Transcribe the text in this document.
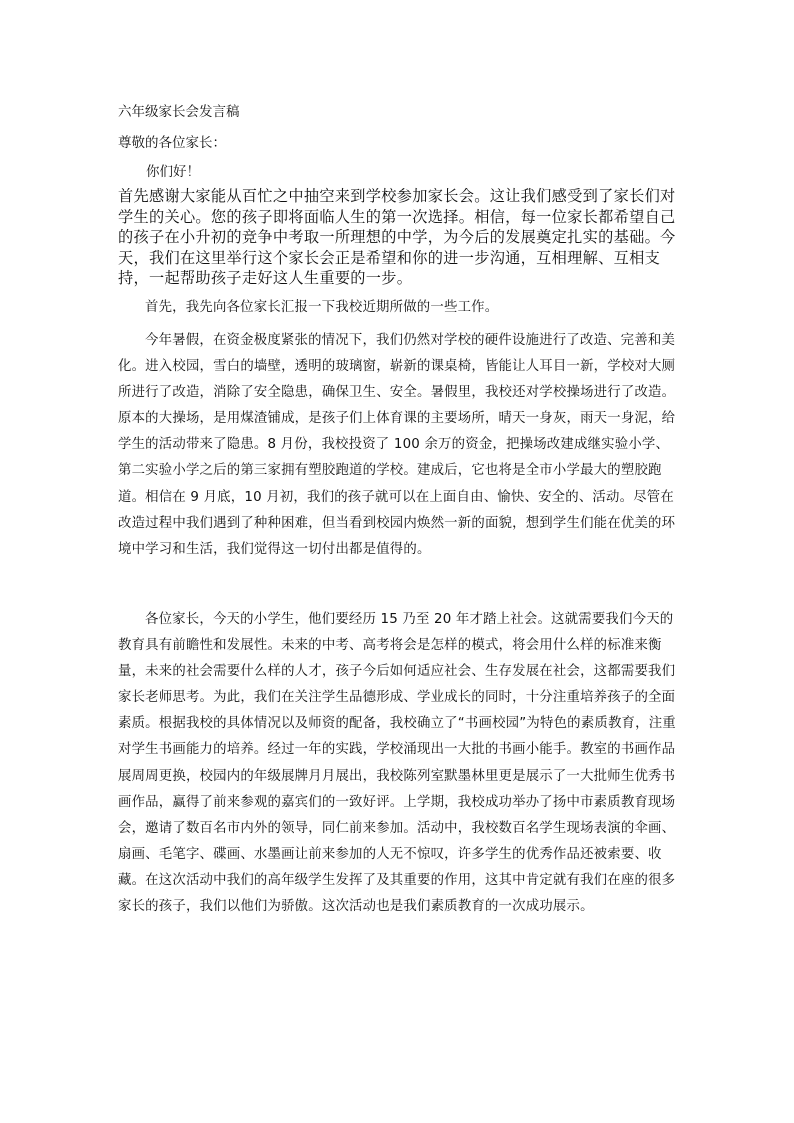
六年级家长会发言稿

尊敬的各位家长：

你们好！

首先感谢大家能从百忙之中抽空来到学校参加家长会。这让我们感受到了家长们对学生的关心。您的孩子即将面临人生的第一次选择。相信，每一位家长都希望自己的孩子在小升初的竞争中考取一所理想的中学，为今后的发展奠定扎实的基础。今天，我们在这里举行这个家长会正是希望和你的进一步沟通，互相理解、互相支持，一起帮助孩子走好这人生重要的一步。

首先，我先向各位家长汇报一下我校近期所做的一些工作。

今年暑假，在资金极度紧张的情况下，我们仍然对学校的硬件设施进行了改造、完善和美化。进入校园，雪白的墙壁，透明的玻璃窗，崭新的课桌椅，皆能让人耳目一新，学校对大厕所进行了改造，消除了安全隐患，确保卫生、安全。暑假里，我校还对学校操场进行了改造。原本的大操场，是用煤渣铺成，是孩子们上体育课的主要场所，晴天一身灰，雨天一身泥，给学生的活动带来了隐患。8 月份，我校投资了 100 余万的资金，把操场改建成继实验小学、第二实验小学之后的第三家拥有塑胶跑道的学校。建成后，它也将是全市小学最大的塑胶跑道。相信在 9 月底，10 月初，我们的孩子就可以在上面自由、愉快、安全的、活动。尽管在改造过程中我们遇到了种种困难，但当看到校园内焕然一新的面貌，想到学生们能在优美的环境中学习和生活，我们觉得这一切付出都是值得的。

各位家长，今天的小学生，他们要经历 15 乃至 20 年才踏上社会。这就需要我们今天的教育具有前瞻性和发展性。未来的中考、高考将会是怎样的模式，将会用什么样的标准来衡量，未来的社会需要什么样的人才，孩子今后如何适应社会、生存发展在社会，这都需要我们家长老师思考。为此，我们在关注学生品德形成、学业成长的同时，十分注重培养孩子的全面素质。根据我校的具体情况以及师资的配备，我校确立了“书画校园”为特色的素质教育，注重对学生书画能力的培养。经过一年的实践，学校涌现出一大批的书画小能手。教室的书画作品展周周更换，校园内的年级展牌月月展出，我校陈列室默墨林里更是展示了一大批师生优秀书画作品，赢得了前来参观的嘉宾们的一致好评。上学期，我校成功举办了扬中市素质教育现场会，邀请了数百名市内外的领导，同仁前来参加。活动中，我校数百名学生现场表演的伞画、扇画、毛笔字、碟画、水墨画让前来参加的人无不惊叹，许多学生的优秀作品还被索要、收藏。在这次活动中我们的高年级学生发挥了及其重要的作用，这其中肯定就有我们在座的很多家长的孩子，我们以他们为骄傲。这次活动也是我们素质教育的一次成功展示。
